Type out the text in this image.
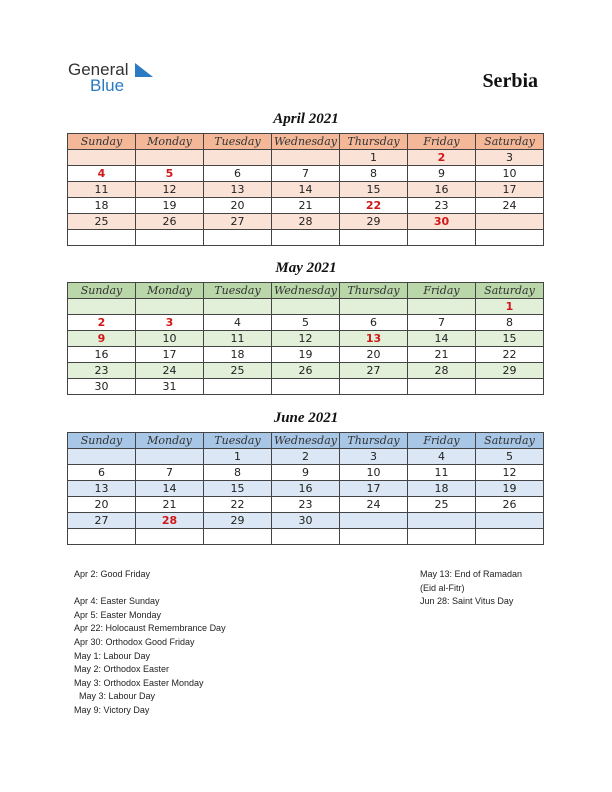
General
Blue	Serbia
April 2021
Sunday	Monday	Tuesday	Wednesday	Thursday	Friday	Saturday
				1	2	3
4	5	6	7	8	9	10
11	12	13	14	15	16	17
18	19	20	21	22	23	24
25	26	27	28	29	30	

May 2021
Sunday	Monday	Tuesday	Wednesday	Thursday	Friday	Saturday
						1
2	3	4	5	6	7	8
9	10	11	12	13	14	15
16	17	18	19	20	21	22
23	24	25	26	27	28	29
30	31					
June 2021
Sunday	Monday	Tuesday	Wednesday	Thursday	Friday	Saturday
		1	2	3	4	5
6	7	8	9	10	11	12
13	14	15	16	17	18	19
20	21	22	23	24	25	26
27	28	29	30			

Apr 2: Good Friday
Apr 4: Easter Sunday
Apr 5: Easter Monday
Apr 22: Holocaust Remembrance Day
Apr 30: Orthodox Good Friday
May 1: Labour Day
May 2: Orthodox Easter
May 3: Orthodox Easter Monday
May 3: Labour Day
May 9: Victory Day
May 13: End of Ramadan
(Eid al-Fitr)
Jun 28: Saint Vitus Day
